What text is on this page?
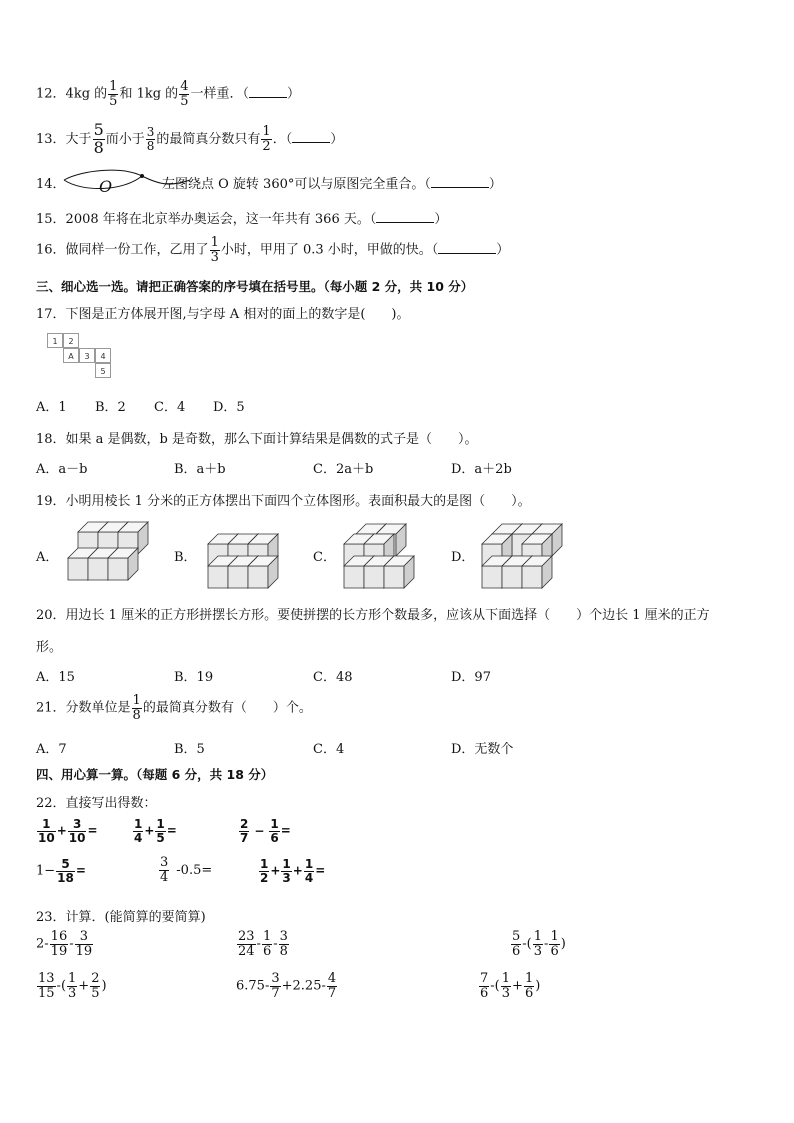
12．4kg 的 $\frac{1}{5}$ 和 1kg 的 $\frac{4}{5}$ 一样重．（	）
13．大于 $\frac{5}{8}$ 而小于 $\frac{3}{8}$ 的最简真分数只有 $\frac{1}{2}$ ．（	）
14． O	左图绕点 O 旋转 360°可以与原图完全重合。（	）
15．2008 年将在北京举办奥运会，这一年共有 366 天。（	）
16．做同样一份工作，乙用了 $\frac{1}{3}$ 小时，甲用了 0.3 小时，甲做的快。（	）
三、细心选一选。请把正确答案的序号填在括号里。（每小题 2 分，共 10 分）
17．下图是正方体展开图,与字母 A 相对的面上的数字是(　　)。
1	2
A	3	4
5
A．1 B．2 C．4 D．5
18．如果 a 是偶数，b 是奇数，那么下面计算结果是偶数的式子是（　　）。
A．a－b	B．a＋b	C．2a＋b	D．a＋2b
19．小明用棱长 1 分米的正方体摆出下面四个立体图形。表面积最大的是图（　　）。
A．	B．	C．	D．
20．用边长 1 厘米的正方形拼摆长方形。要使拼摆的长方形个数最多，应该从下面选择（　　）个边长 1 厘米的正方
形。
A．15	B．19	C．48	D．97
21．分数单位是 $\frac{1}{8}$ 的最简真分数有（　　）个。
A．7	B．5	C．4	D．无数个
四、用心算一算。（每题 6 分，共 18 分）
22．直接写出得数：
$\frac{1}{10} + \frac{3}{10}$ =	$\frac{1}{4} + \frac{1}{5}$ =	$\frac{2}{7} - \frac{1}{6}$ =
$1- \frac{5}{18}$ =	$\frac{3}{4} -0.5=$	$\frac{1}{2} + \frac{1}{3} + \frac{1}{4}$ =
23．计算．(能简算的要简算)
$2- \frac{16}{19} - \frac{3}{19}$	$\frac{23}{24} - \frac{1}{6} - \frac{3}{8}$	$\frac{5}{6}$ -( $\frac{1}{3} - \frac{1}{6}$ )
$\frac{13}{15}$ -( $\frac{1}{3} + \frac{2}{5}$ )	$6.75- \frac{3}{7} +2.25- \frac{4}{7}$	$\frac{7}{6}$ -( $\frac{1}{3} + \frac{1}{6}$ )
